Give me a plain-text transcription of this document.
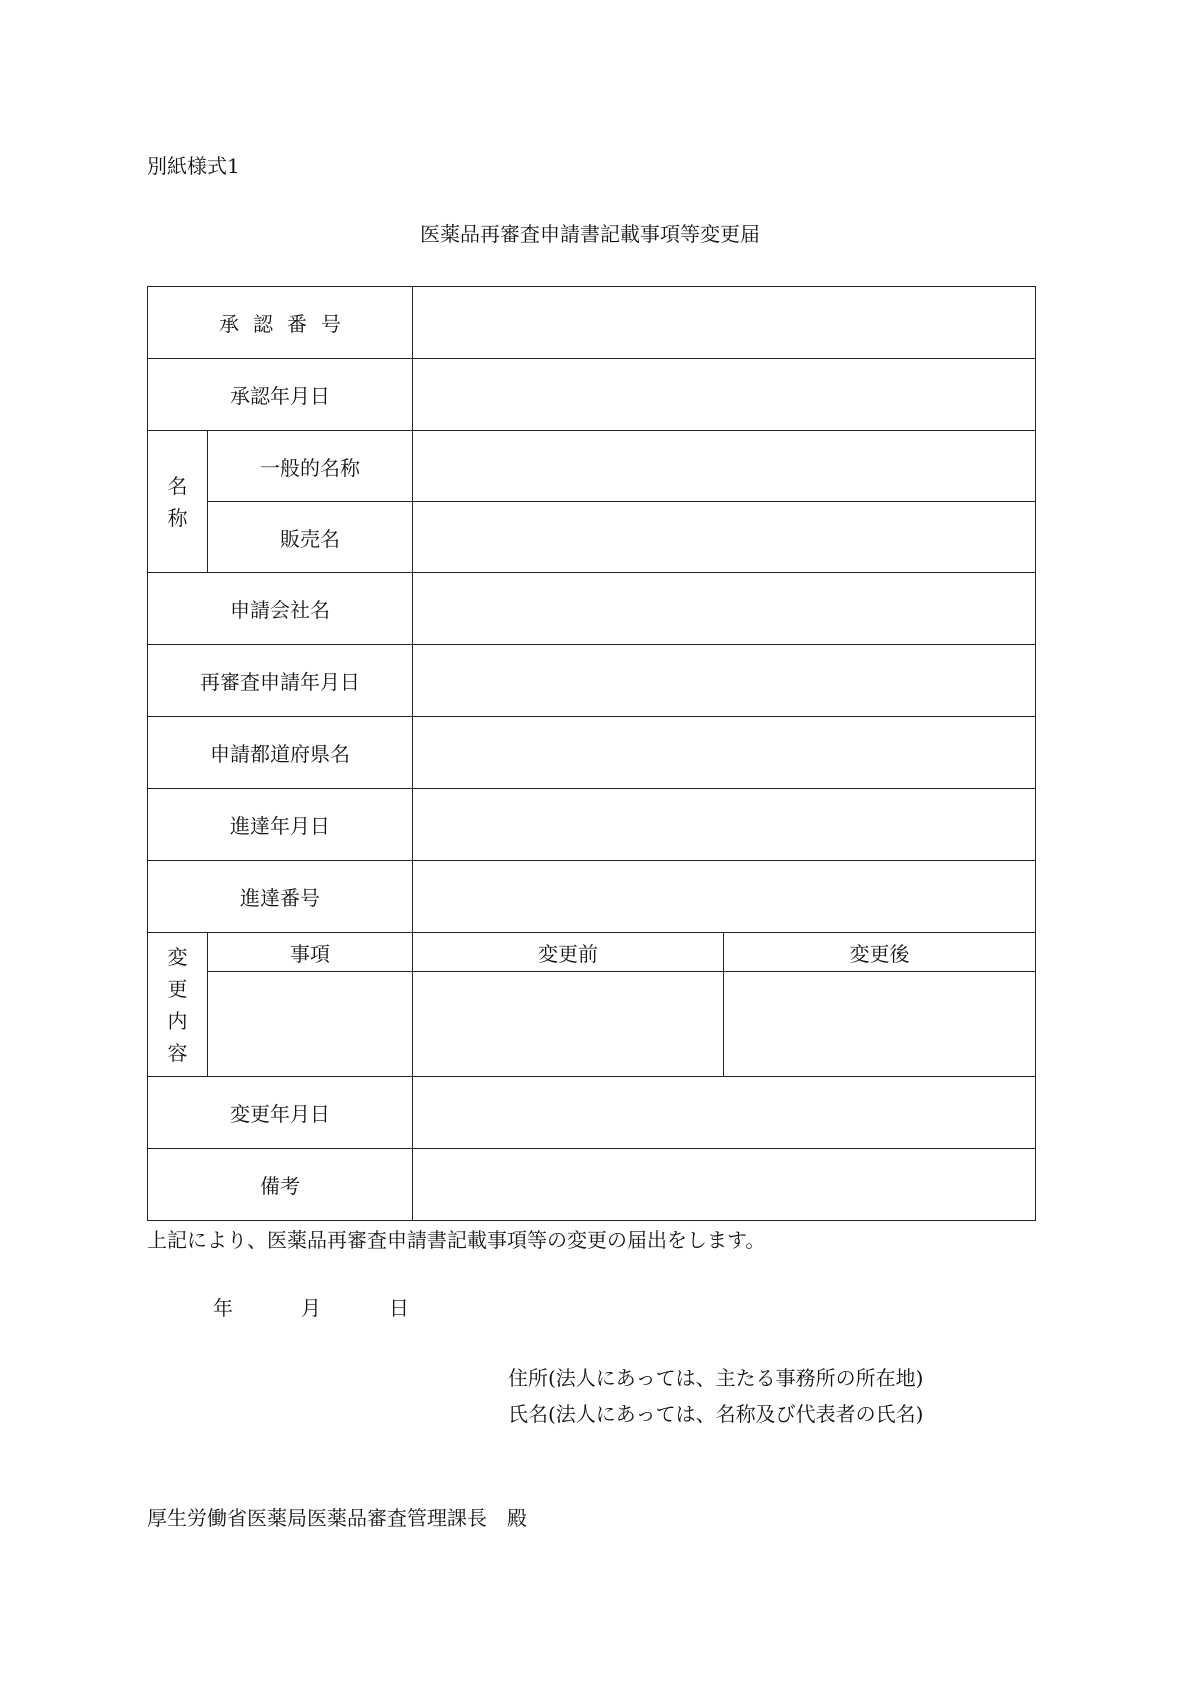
別紙様式1
医薬品再審査申請書記載事項等変更届
承認番号			
承認年月日			
名称	一般的名称		
	販売名		
申請会社名			
再審査申請年月日			
申請都道府県名			
進達年月日			
進達番号			
変更内容	事項	変更前	変更後

変更年月日			
備考			
上記により、医薬品再審査申請書記載事項等の変更の届出をします。
年	月	日
住所(法人にあっては、主たる事務所の所在地)
氏名(法人にあっては、名称及び代表者の氏名)
厚生労働省医薬局医薬品審査管理課長　殿
